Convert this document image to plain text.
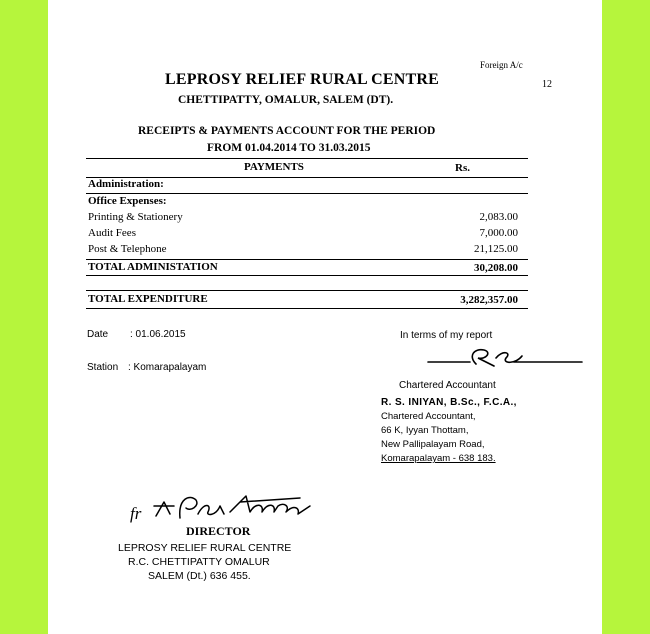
Foreign A/c
12
LEPROSY RELIEF RURAL CENTRE
CHETTIPATTY, OMALUR, SALEM (DT).
RECEIPTS & PAYMENTS ACCOUNT FOR THE PERIOD
FROM 01.04.2014 TO 31.03.2015
PAYMENTS	Rs.
Administration:
Office Expenses:
Printing & Stationery	2,083.00
Audit Fees	7,000.00
Post & Telephone	21,125.00
TOTAL ADMINISTATION	30,208.00
TOTAL EXPENDITURE	3,282,357.00
Date : 01.06.2015
Station : Komarapalayam
In terms of my report
Chartered Accountant
R. S. INIYAN, B.Sc., F.C.A.,
Chartered Accountant,
66 K, Iyyan Thottam,
New Pallipalayam Road,
Komarapalayam - 638 183.
fr
DIRECTOR
LEPROSY RELIEF RURAL CENTRE
R.C. CHETTIPATTY OMALUR
SALEM (Dt.) 636 455.
